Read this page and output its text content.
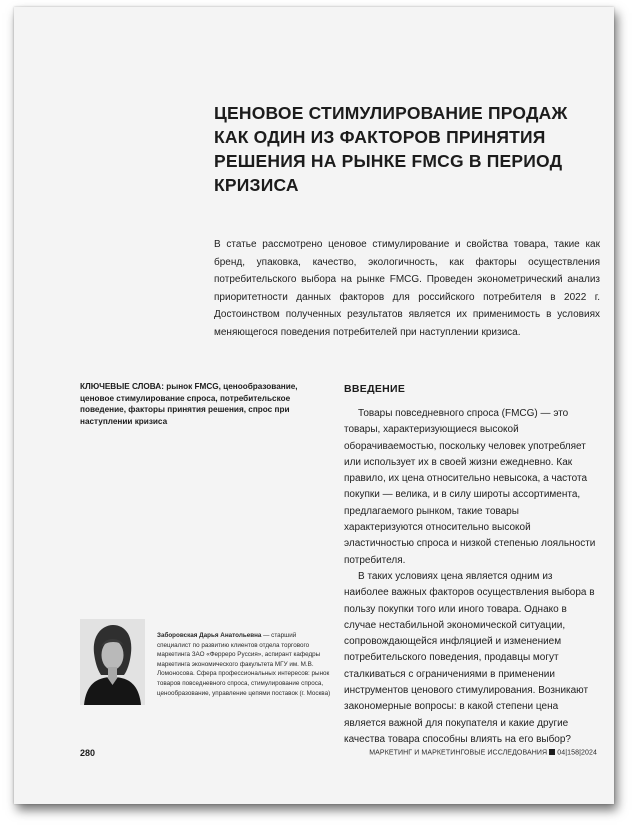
ЦЕНОВОЕ СТИМУЛИРОВАНИЕ ПРОДАЖ КАК ОДИН ИЗ ФАКТОРОВ ПРИНЯТИЯ РЕШЕНИЯ НА РЫНКЕ FMCG В ПЕРИОД КРИЗИСА

В статье рассмотрено ценовое стимулирование и свойства товара, такие как бренд, упаковка, качество, экологичность, как факторы осуществления потребительского выбора на рынке FMCG. Проведен эконометрический анализ приоритетности данных факторов для российского потребителя в 2022 г. Достоинством полученных результатов является их применимость в условиях меняющегося поведения потребителей при наступлении кризиса.

КЛЮЧЕВЫЕ СЛОВА: рынок FMCG, ценообразование, ценовое стимулирование спроса, потребительское поведение, факторы принятия решения, спрос при наступлении кризиса

ВВЕДЕНИЕ

Товары повседневного спроса (FMCG) — это товары, характеризующиеся высокой оборачиваемостью, поскольку человек употребляет или использует их в своей жизни ежедневно. Как правило, их цена относительно невысока, а частота покупки — велика, и в силу широты ассортимента, предлагаемого рынком, такие товары характеризуются относительно высокой эластичностью спроса и низкой степенью лояльности потребителя.

В таких условиях цена является одним из наиболее важных факторов осуществления выбора в пользу покупки того или иного товара. Однако в случае нестабильной экономической ситуации, сопровождающейся инфляцией и изменением потребительского поведения, продавцы могут сталкиваться с ограничениями в применении инструментов ценового стимулирования. Возникают закономерные вопросы: в какой степени цена является важной для покупателя и какие другие качества товара способны влиять на его выбор?

Заборовская Дарья Анатольевна — старший специалист по развитию клиентов отдела торгового маркетинга ЗАО «Ферреро Руссия», аспирант кафедры маркетинга экономического факультета МГУ им. М.В. Ломоносова. Сфера профессиональных интересов: рынок товаров повседневного спроса, стимулирование спроса, ценообразование, управление цепями поставок (г. Москва)

280	МАРКЕТИНГ И МАРКЕТИНГОВЫЕ ИССЛЕДОВАНИЯ 04|158|2024
